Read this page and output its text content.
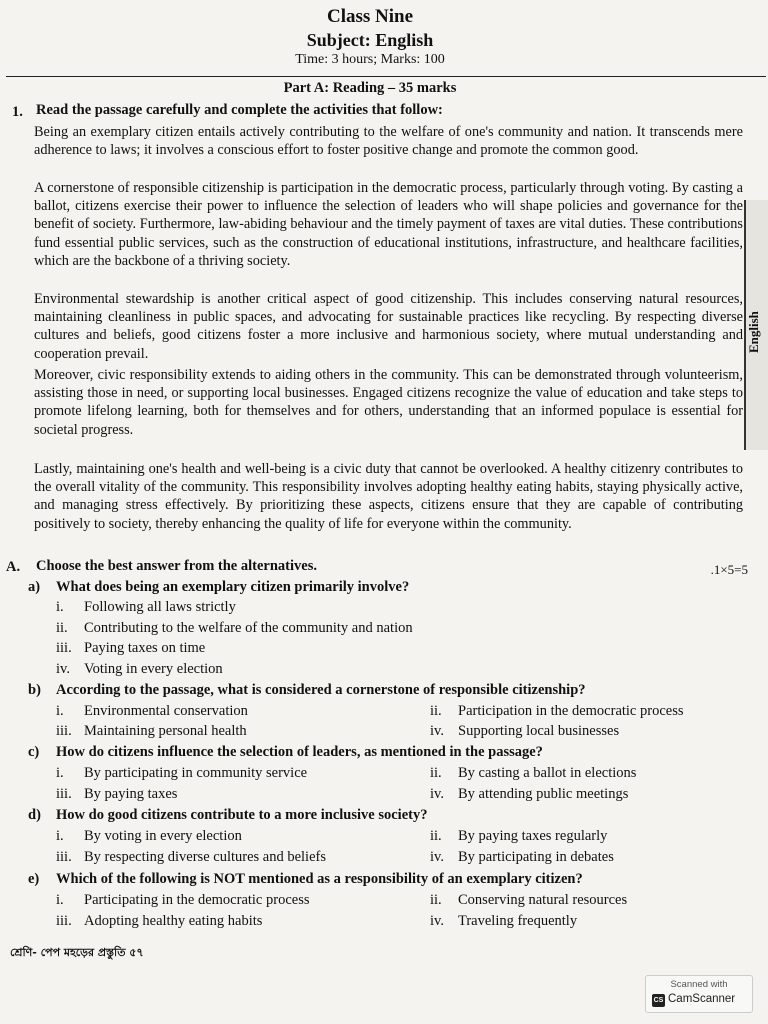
Class Nine
Subject: English
Time: 3 hours; Marks: 100
Part A: Reading – 35 marks
1. Read the passage carefully and complete the activities that follow:
Being an exemplary citizen entails actively contributing to the welfare of one's community and nation. It transcends mere adherence to laws; it involves a conscious effort to foster positive change and promote the common good.
A cornerstone of responsible citizenship is participation in the democratic process, particularly through voting. By casting a ballot, citizens exercise their power to influence the selection of leaders who will shape policies and governance for the benefit of society. Furthermore, law-abiding behaviour and the timely payment of taxes are vital duties. These contributions fund essential public services, such as the construction of educational institutions, infrastructure, and healthcare facilities, which are the backbone of a thriving society.
Environmental stewardship is another critical aspect of good citizenship. This includes conserving natural resources, maintaining cleanliness in public spaces, and advocating for sustainable practices like recycling. By respecting diverse cultures and beliefs, good citizens foster a more inclusive and harmonious society, where mutual understanding and cooperation prevail.
Moreover, civic responsibility extends to aiding others in the community. This can be demonstrated through volunteerism, assisting those in need, or supporting local businesses. Engaged citizens recognize the value of education and take steps to promote lifelong learning, both for themselves and for others, understanding that an informed populace is essential for societal progress.
Lastly, maintaining one's health and well-being is a civic duty that cannot be overlooked. A healthy citizenry contributes to the overall vitality of the community. This responsibility involves adopting healthy eating habits, staying physically active, and managing stress effectively. By prioritizing these aspects, citizens ensure that they are capable of contributing positively to society, thereby enhancing the quality of life for everyone within the community.
English
A. Choose the best answer from the alternatives.	.1×5=5
a) What does being an exemplary citizen primarily involve?
i. Following all laws strictly
ii. Contributing to the welfare of the community and nation
iii. Paying taxes on time
iv. Voting in every election
b) According to the passage, what is considered a cornerstone of responsible citizenship?
i. Environmental conservation	ii. Participation in the democratic process
iii. Maintaining personal health	iv. Supporting local businesses
c) How do citizens influence the selection of leaders, as mentioned in the passage?
i. By participating in community service	ii. By casting a ballot in elections
iii. By paying taxes	iv. By attending public meetings
d) How do good citizens contribute to a more inclusive society?
i. By voting in every election	ii. By paying taxes regularly
iii. By respecting diverse cultures and beliefs	iv. By participating in debates
e) Which of the following is NOT mentioned as a responsibility of an exemplary citizen?
i. Participating in the democratic process	ii. Conserving natural resources
iii. Adopting healthy eating habits	iv. Traveling frequently
শ্রেণি- পেপ মহড়ের প্রস্তুতি ৫৭
Scanned with
CS CamScanner
